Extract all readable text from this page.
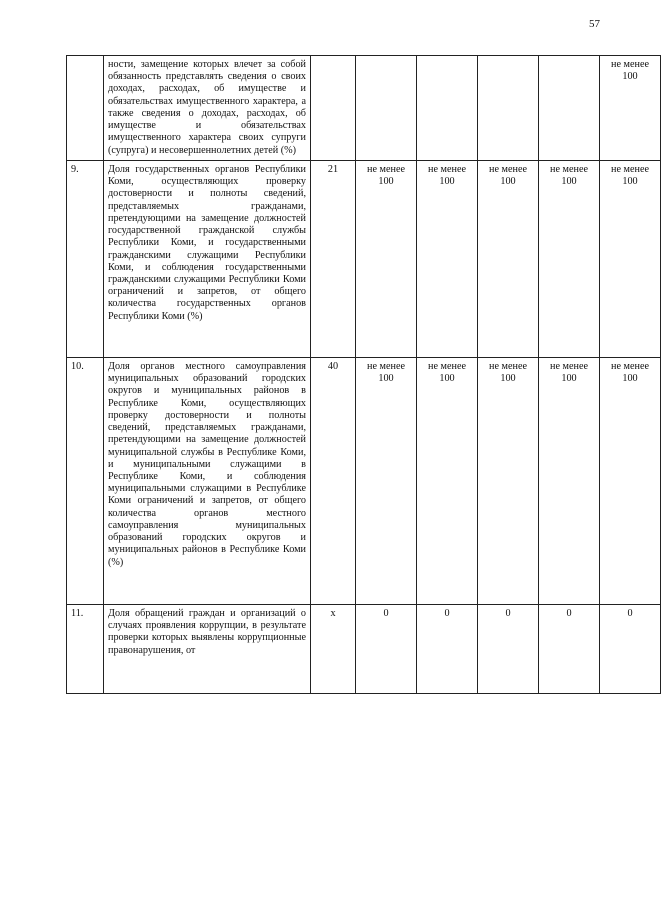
57
	ности, замещение которых влечет за собой обязанность представлять сведения о своих доходах, расходах, об имуществе и обязательствах имущественного характера, а также сведения о доходах, расходах, об имуществе и обязательствах имущественного характера своих супруги (супруга) и несовершеннолетних детей (%)						не менее 100
9.	Доля государственных органов Республики Коми, осуществляющих проверку достоверности и полноты сведений, представляемых гражданами, претендующими на замещение должностей государственной гражданской службы Республики Коми, и государственными гражданскими служащими Республики Коми, и соблюдения государственными гражданскими служащими Республики Коми ограничений и запретов, от общего количества государственных органов Республики Коми (%)	21	не менее 100	не менее 100	не менее 100	не менее 100	не менее 100
10.	Доля органов местного самоуправления муниципальных образований городских округов и муниципальных районов в Республике Коми, осуществляющих проверку достоверности и полноты сведений, представляемых гражданами, претендующими на замещение должностей муниципальной службы в Республике Коми, и муниципальными служащими в Республике Коми, и соблюдения муниципальными служащими в Республике Коми ограничений и запретов, от общего количества органов местного самоуправления муниципальных образований городских округов и муниципальных районов в Республике Коми (%)	40	не менее 100	не менее 100	не менее 100	не менее 100	не менее 100
11.	Доля обращений граждан и организаций о случаях проявления коррупции, в результате проверки которых выявлены коррупционные правонарушения, от	x	0	0	0	0	0
